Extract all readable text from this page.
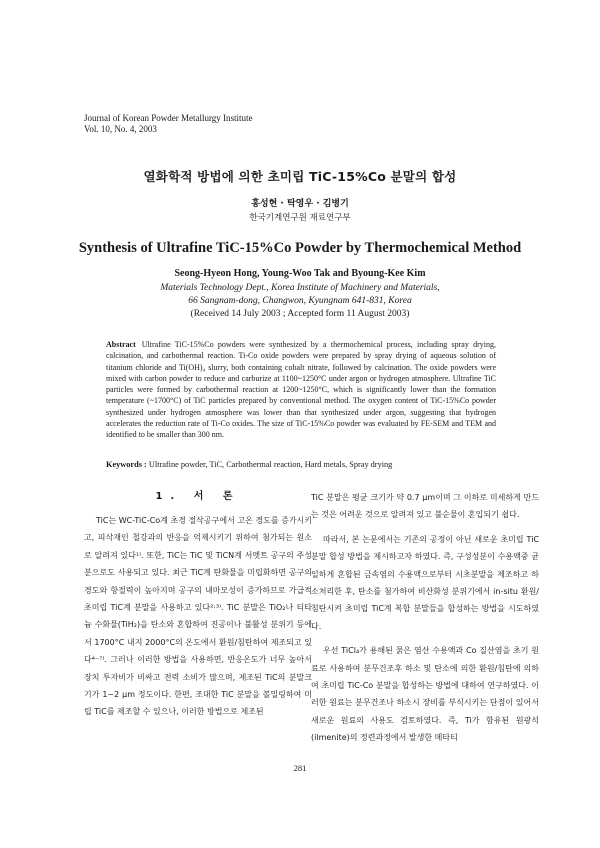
Journal of Korean Powder Metallurgy Institute
Vol. 10, No. 4, 2003
열화학적 방법에 의한 초미립 TiC-15%Co 분말의 합성
홍성현 · 탁영우 · 김병기
한국기계연구원 재료연구부
Synthesis of Ultrafine TiC-15%Co Powder by Thermochemical Method
Seong-Hyeon Hong, Young-Woo Tak and Byoung-Kee Kim
Materials Technology Dept., Korea Institute of Machinery and Materials,
66 Sangnam-dong, Changwon, Kyungnam 641-831, Korea
(Received 14 July 2003 ; Accepted form 11 August 2003)
Abstract Ultrafine TiC-15%Co powders were synthesized by a thermochemical process, including spray drying, calcination, and carbothermal reaction. Ti-Co oxide powders were prepared by spray drying of aqueous solution of titanium chloride and Ti(OH)₄ slurry, both containing cobalt nitrate, followed by calcination. The oxide powders were mixed with carbon powder to reduce and carburize at 1100~1250°C under argon or hydrogen atmosphere. Ultrafine TiC particles were formed by carbothermal reaction at 1200~1250°C, which is significantly lower than the formation temperature (~1700°C) of TiC particles prepared by conventional method. The oxygen content of TiC-15%Co powder synthesized under hydrogen atmosphere was lower than that synthesized under argon, suggesting that hydrogen accelerates the reduction rate of Ti-Co oxides. The size of TiC-15%Co powder was evaluated by FE-SEM and TEM and identified to be smaller than 300 nm.
Keywords : Ultrafine powder, TiC, Carbothermal reaction, Hard metals, Spray drying
1. 서 론

TiC는 WC-TiC-Co계 초경 절삭공구에서 고온 경도를 증가시키고, 피삭재인 철강과의 반응을 억제시키기 위하여 첨가되는 원소로 알려져 있다¹⁾. 또한, TiC는 TiC 및 TiCN계 서멧트 공구의 주성분으로도 사용되고 있다. 최근 TiC계 탄화물을 미립화하면 공구의 경도와 항절력이 높아지며 공구의 내마모성이 증가하므로 가급적 초미립 TiC계 분말을 사용하고 있다²·³⁾. TiC 분말은 TiO₂나 티타늄 수화물(TiH₂)을 탄소와 혼합하여 진공이나 불활성 분위기 등에서 1700°C 내지 2000°C의 온도에서 환원/침탄하여 제조되고 있다⁴⁻⁷⁾. 그러나 이러한 방법을 사용하면, 반응온도가 너무 높아서 장치 투자비가 비싸고 전력 소비가 많으며, 제조된 TiC의 분말크기가 1~2 μm 정도이다. 한편, 조대한 TiC 분말을 볼밀링하여 미립 TiC를 제조할 수 있으나, 이러한 방법으로 제조된

TiC 분말은 평균 크기가 약 0.7 μm이며 그 이하로 미세하게 만드는 것은 어려운 것으로 알려져 있고 불순물이 혼입되기 쉽다.

따라서, 본 논문에서는 기존의 공정이 아닌 새로운 초미립 TiC 분말 합성 방법을 제시하고자 하였다. 즉, 구성성분이 수용액중 균일하게 혼합된 금속염의 수용액으로부터 시초분말을 제조하고 하소처리한 후, 탄소를 첨가하여 비산화성 분위기에서 in-situ 환원/침탄시켜 초미립 TiC계 복합 분말들을 합성하는 방법을 시도하였다.

우선 TiCl₄가 용해된 묽은 염산 수용액과 Co 질산염을 초기 원료로 사용하여 분무건조후 하소 및 탄소에 의한 환원/침탄에 의하여 초미립 TiC-Co 분말을 합성하는 방법에 대하여 연구하였다. 이러한 원료는 분무건조나 하소시 장비를 부식시키는 단점이 있어서 새로운 원료의 사용도 검토하였다. 즉, Ti가 함유된 원광석(ilmenite)의 정련과정에서 발생한 메타티

281
